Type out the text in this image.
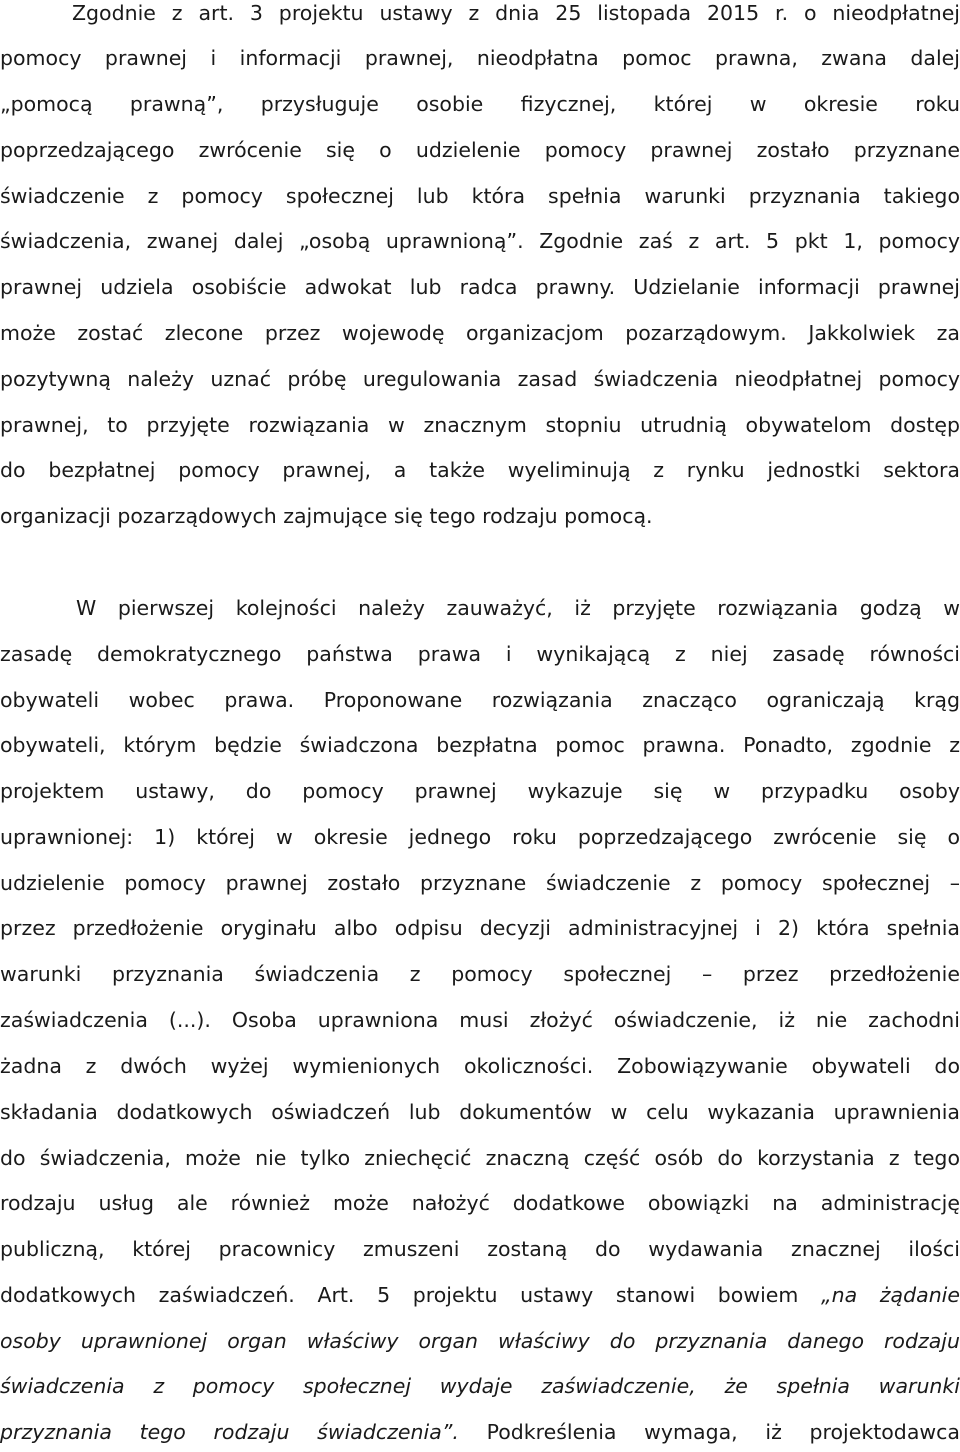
Zgodnie z art. 3 projektu ustawy z dnia 25 listopada 2015 r. o nieodpłatnej
pomocy prawnej i informacji prawnej, nieodpłatna pomoc prawna, zwana dalej
„pomocą prawną”, przysługuje osobie fizycznej, której w okresie roku
poprzedzającego zwrócenie się o udzielenie pomocy prawnej zostało przyznane
świadczenie z pomocy społecznej lub która spełnia warunki przyznania takiego
świadczenia, zwanej dalej „osobą uprawnioną”. Zgodnie zaś z art. 5 pkt 1, pomocy
prawnej udziela osobiście adwokat lub radca prawny. Udzielanie informacji prawnej
może zostać zlecone przez wojewodę organizacjom pozarządowym. Jakkolwiek za
pozytywną należy uznać próbę uregulowania zasad świadczenia nieodpłatnej pomocy
prawnej, to przyjęte rozwiązania w znacznym stopniu utrudnią obywatelom dostęp
do bezpłatnej pomocy prawnej, a także wyeliminują z rynku jednostki sektora
organizacji pozarządowych zajmujące się tego rodzaju pomocą.
W pierwszej kolejności należy zauważyć, iż przyjęte rozwiązania godzą w
zasadę demokratycznego państwa prawa i wynikającą z niej zasadę równości
obywateli wobec prawa. Proponowane rozwiązania znacząco ograniczają krąg
obywateli, którym będzie świadczona bezpłatna pomoc prawna. Ponadto, zgodnie z
projektem ustawy, do pomocy prawnej wykazuje się w przypadku osoby
uprawnionej: 1) której w okresie jednego roku poprzedzającego zwrócenie się o
udzielenie pomocy prawnej zostało przyznane świadczenie z pomocy społecznej –
przez przedłożenie oryginału albo odpisu decyzji administracyjnej i 2) która spełnia
warunki przyznania świadczenia z pomocy społecznej – przez przedłożenie
zaświadczenia (...). Osoba uprawniona musi złożyć oświadczenie, iż nie zachodni
żadna z dwóch wyżej wymienionych okoliczności. Zobowiązywanie obywateli do
składania dodatkowych oświadczeń lub dokumentów w celu wykazania uprawnienia
do świadczenia, może nie tylko zniechęcić znaczną część osób do korzystania z tego
rodzaju usług ale również może nałożyć dodatkowe obowiązki na administrację
publiczną, której pracownicy zmuszeni zostaną do wydawania znacznej ilości
dodatkowych zaświadczeń. Art. 5 projektu ustawy stanowi bowiem „na żądanie
osoby uprawnionej organ właściwy organ właściwy do przyznania danego rodzaju
świadczenia z pomocy społecznej wydaje zaświadczenie, że spełnia warunki
przyznania tego rodzaju świadczenia”. Podkreślenia wymaga, iż projektodawca
